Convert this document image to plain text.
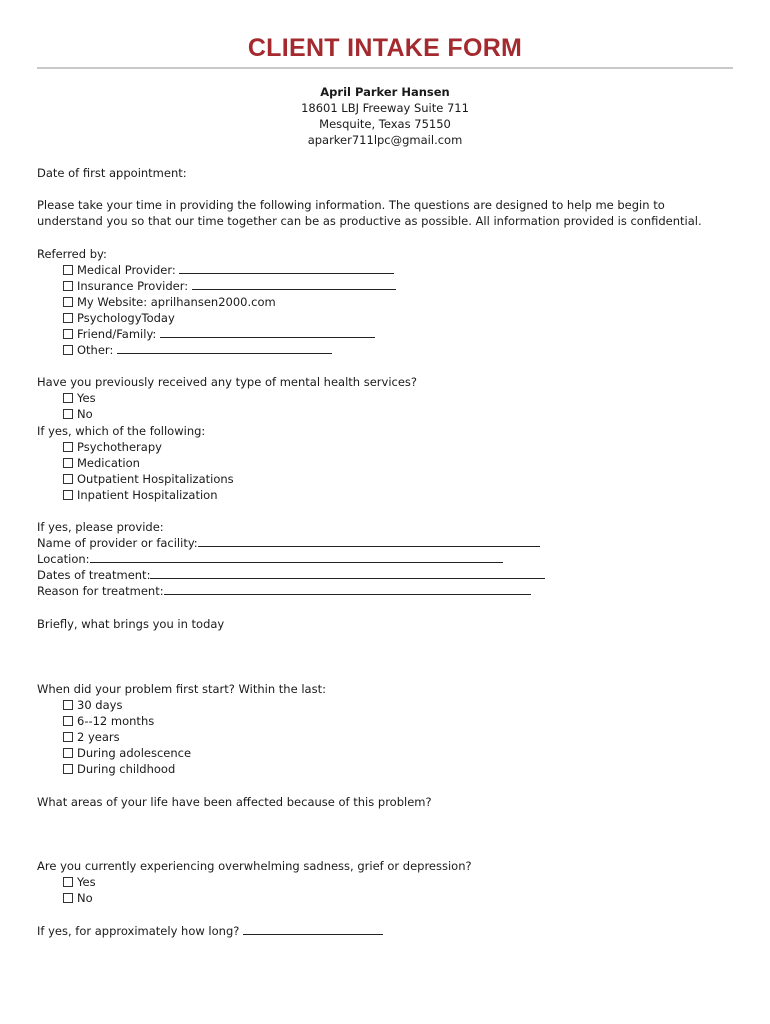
CLIENT INTAKE FORM
April Parker Hansen
18601 LBJ Freeway Suite 711
Mesquite, Texas 75150
aparker711lpc@gmail.com
Date of first appointment:
Please take your time in providing the following information. The questions are designed to help me begin to
understand you so that our time together can be as productive as possible. All information provided is confidential.
Referred by:
Medical Provider:
Insurance Provider:
My Website: aprilhansen2000.com
PsychologyToday
Friend/Family:
Other:
Have you previously received any type of mental health services?
Yes
No
If yes, which of the following:
Psychotherapy
Medication
Outpatient Hospitalizations
Inpatient Hospitalization
If yes, please provide:
Name of provider or facility:
Location:
Dates of treatment:
Reason for treatment:
Briefly, what brings you in today
When did your problem first start? Within the last:
30 days
6--12 months
2 years
During adolescence
During childhood
What areas of your life have been affected because of this problem?
Are you currently experiencing overwhelming sadness, grief or depression?
Yes
No
If yes, for approximately how long?
